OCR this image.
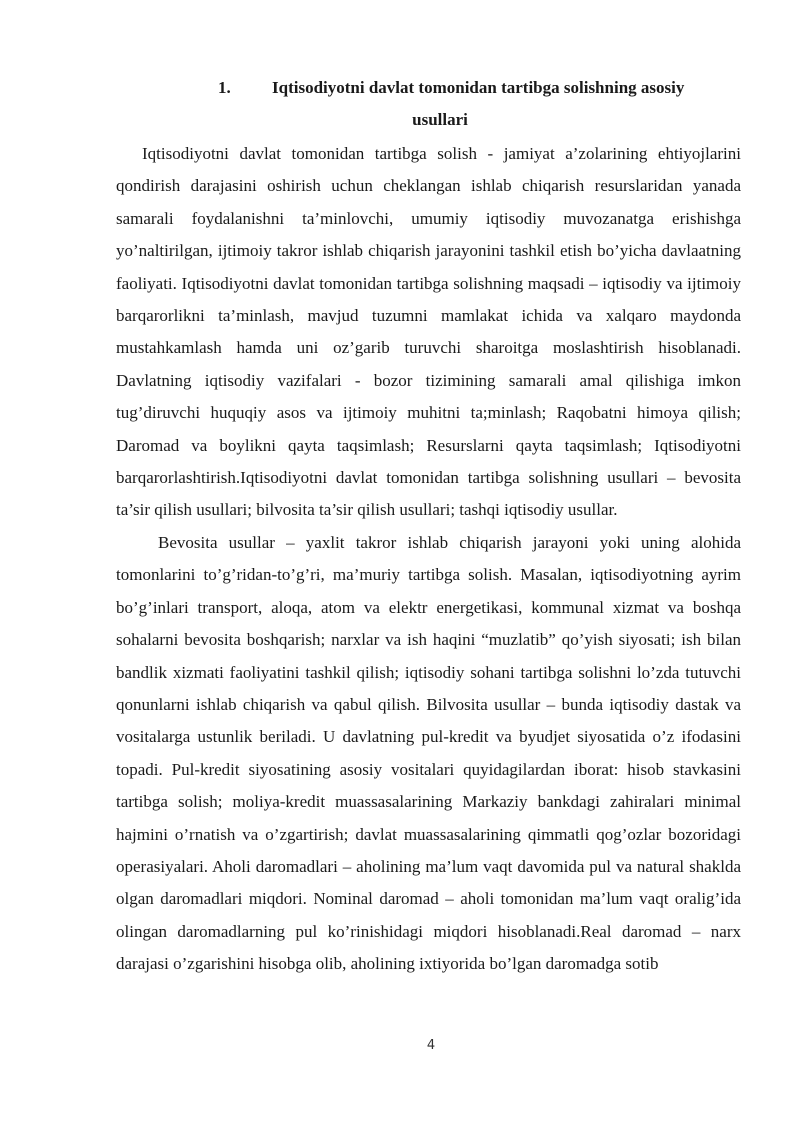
1. Iqtisodiyotni davlat tomonidan tartibga solishning asosiy
usullari

Iqtisodiyotni davlat tomonidan tartibga solish - jamiyat a’zolarining ehtiyojlarini qondirish darajasini oshirish uchun cheklangan ishlab chiqarish resurslaridan yanada samarali foydalanishni ta’minlovchi, umumiy iqtisodiy muvozanatga erishishga yo’naltirilgan, ijtimoiy takror ishlab chiqarish jarayonini tashkil etish bo’yicha davlaatning faoliyati. Iqtisodiyotni davlat tomonidan tartibga solishning maqsadi – iqtisodiy va ijtimoiy barqarorlikni ta’minlash, mavjud tuzumni mamlakat ichida va xalqaro maydonda mustahkamlash hamda uni oz’garib turuvchi sharoitga moslashtirish hisoblanadi. Davlatning iqtisodiy vazifalari - bozor tizimining samarali amal qilishiga imkon tug’diruvchi huquqiy asos va ijtimoiy muhitni ta;minlash; Raqobatni himoya qilish; Daromad va boylikni qayta taqsimlash; Resurslarni qayta taqsimlash; Iqtisodiyotni barqarorlashtirish.Iqtisodiyotni davlat tomonidan tartibga solishning usullari – bevosita ta’sir qilish usullari; bilvosita ta’sir qilish usullari; tashqi iqtisodiy usullar.

Bevosita usullar – yaxlit takror ishlab chiqarish jarayoni yoki uning alohida tomonlarini to’g’ridan-to’g’ri, ma’muriy tartibga solish. Masalan, iqtisodiyotning ayrim bo’g’inlari transport, aloqa, atom va elektr energetikasi, kommunal xizmat va boshqa sohalarni bevosita boshqarish; narxlar va ish haqini “muzlatib” qo’yish siyosati; ish bilan bandlik xizmati faoliyatini tashkil qilish; iqtisodiy sohani tartibga solishni lo’zda tutuvchi qonunlarni ishlab chiqarish va qabul qilish. Bilvosita usullar – bunda iqtisodiy dastak va vositalarga ustunlik beriladi. U davlatning pul-kredit va byudjet siyosatida o’z ifodasini topadi. Pul-kredit siyosatining asosiy vositalari quyidagilardan iborat: hisob stavkasini tartibga solish; moliya-kredit muassasalarining Markaziy bankdagi zahiralari minimal hajmini o’rnatish va o’zgartirish; davlat muassasalarining qimmatli qog’ozlar bozoridagi operasiyalari. Aholi daromadlari – aholining ma’lum vaqt davomida pul va natural shaklda olgan daromadlari miqdori. Nominal daromad – aholi tomonidan ma’lum vaqt oralig’ida olingan daromadlarning pul ko’rinishidagi miqdori hisoblanadi.Real daromad – narx darajasi o’zgarishini hisobga olib, aholining ixtiyorida bo’lgan daromadga sotib

4
